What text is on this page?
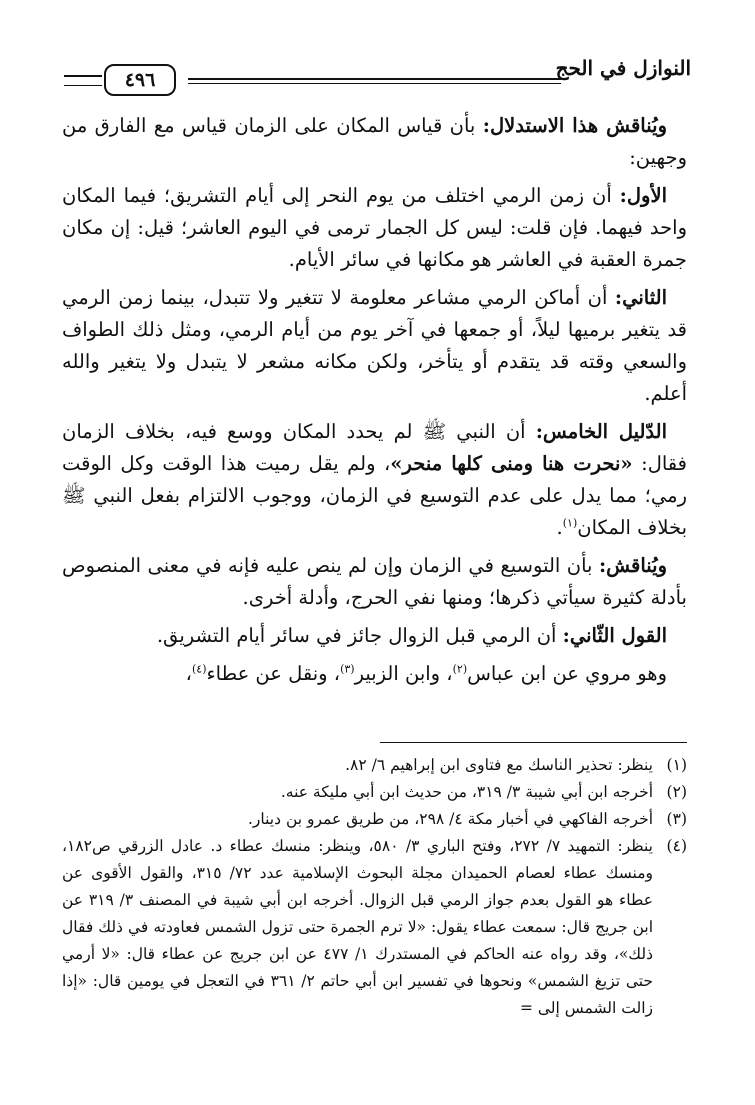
النوازل في الحج
٤٩٦

ويُناقش هذا الاستدلال: بأن قياس المكان على الزمان قياس مع الفارق من وجهين:

الأول: أن زمن الرمي اختلف من يوم النحر إلى أيام التشريق؛ فيما المكان واحد فيهما. فإن قلت: ليس كل الجمار ترمى في اليوم العاشر؛ قيل: إن مكان جمرة العقبة في العاشر هو مكانها في سائر الأيام.

الثاني: أن أماكن الرمي مشاعر معلومة لا تتغير ولا تتبدل، بينما زمن الرمي قد يتغير برميها ليلاً، أو جمعها في آخر يوم من أيام الرمي، ومثل ذلك الطواف والسعي وقته قد يتقدم أو يتأخر، ولكن مكانه مشعر لا يتبدل ولا يتغير والله أعلم.

الدّليل الخامس: أن النبي ﷺ لم يحدد المكان ووسع فيه، بخلاف الزمان فقال: «نحرت هنا ومنى كلها منحر»، ولم يقل رميت هذا الوقت وكل الوقت رمي؛ مما يدل على عدم التوسيع في الزمان، ووجوب الالتزام بفعل النبي ﷺ بخلاف المكان$^{(١)}$.

ويُناقش: بأن التوسيع في الزمان وإن لم ينص عليه فإنه في معنى المنصوص بأدلة كثيرة سيأتي ذكرها؛ ومنها نفي الحرج، وأدلة أخرى.

القول الثّاني: أن الرمي قبل الزوال جائز في سائر أيام التشريق.

وهو مروي عن ابن عباس$^{(٢)}$، وابن الزبير$^{(٣)}$، ونقل عن عطاء$^{(٤)}$،

(١)
ينظر: تحذير الناسك مع فتاوى ابن إبراهيم ٦/ ٨٢.
(٢)
أخرجه ابن أبي شيبة ٣/ ٣١٩، من حديث ابن أبي مليكة عنه.
(٣)
أخرجه الفاكهي في أخبار مكة ٤/ ٢٩٨، من طريق عمرو بن دينار.
(٤)
ينظر: التمهيد ٧/ ٢٧٢، وفتح الباري ٣/ ٥٨٠، وينظر: منسك عطاء د. عادل الزرقي ص١٨٢، ومنسك عطاء لعصام الحميدان مجلة البحوث الإسلامية عدد ٧٢/ ٣١٥، والقول الأقوى عن عطاء هو القول بعدم جواز الرمي قبل الزوال. أخرجه ابن أبي شيبة في المصنف ٣/ ٣١٩ عن ابن جريج قال: سمعت عطاء يقول: «لا ترم الجمرة حتى تزول الشمس فعاودته في ذلك فقال ذلك»، وقد رواه عنه الحاكم في المستدرك ١/ ٤٧٧ عن ابن جريج عن عطاء قال: «لا أرمي حتى تزيغ الشمس» ونحوها في تفسير ابن أبي حاتم ٢/ ٣٦١ في التعجل في يومين قال: «إذا زالت الشمس إلى =
